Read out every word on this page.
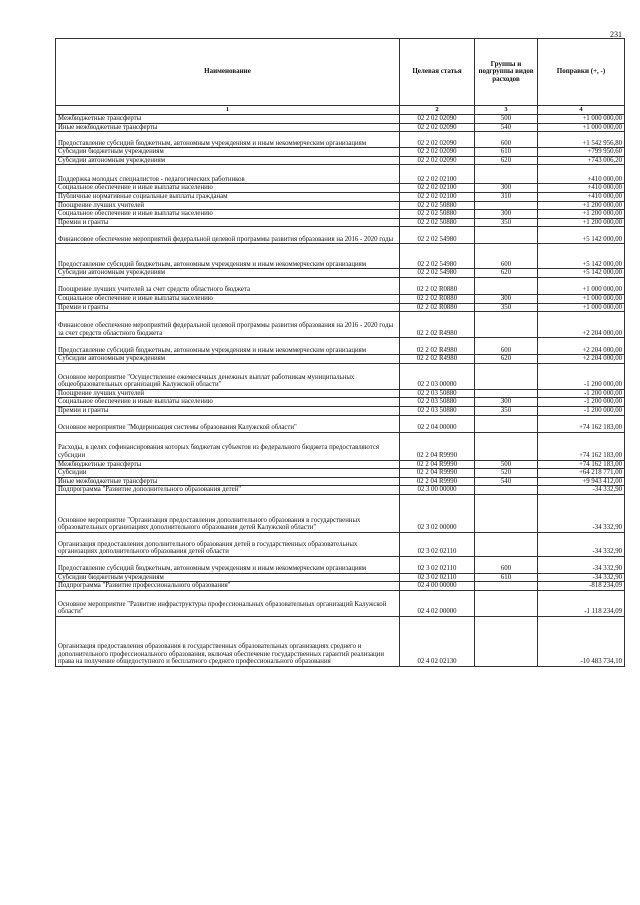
231
Наименование	Целевая статья	Группы и подгруппы видов расходов	Поправки (+, -)
1	2	3	4
Межбюджетные трансферты	02 2 02 02090	500	+1 000 000,00
Иные межбюджетные трансферты	02 2 02 02090	540	+1 000 000,00
Предоставление субсидий бюджетным, автономным учреждениям и иным некоммерческим организациям	02 2 02 02090	600	+1 542 956,80
Субсидии бюджетным учреждениям	02 2 02 02090	610	+799 950,60
Субсидии автономным учреждениям	02 2 02 02090	620	+743 006,20
Поддержка молодых специалистов - педагогических работников	02 2 02 02100		+410 000,00
Социальное обеспечение и иные выплаты населению	02 2 02 02100	300	+410 000,00
Публичные нормативные социальные выплаты гражданам	02 2 02 02100	310	+410 000,00
Поощрение лучших учителей	02 2 02 50880		+1 200 000,00
Социальное обеспечение и иные выплаты населению	02 2 02 50880	300	+1 200 000,00
Премии и гранты	02 2 02 50880	350	+1 200 000,00
Финансовое обеспечение мероприятий федеральной целевой программы развития образования на 2016 - 2020 годы	02 2 02 54980		+5 142 000,00
Предоставление субсидий бюджетным, автономным учреждениям и иным некоммерческим организациям	02 2 02 54980	600	+5 142 000,00
Субсидии автономным учреждениям	02 2 02 54980	620	+5 142 000,00
Поощрение лучших учителей за счет средств областного бюджета	02 2 02 R0880		+1 000 000,00
Социальное обеспечение и иные выплаты населению	02 2 02 R0880	300	+1 000 000,00
Премии и гранты	02 2 02 R0880	350	+1 000 000,00
Финансовое обеспечение мероприятий федеральной целевой программы развития образования на 2016 - 2020 годы за счет средств областного бюджета	02 2 02 R4980		+2 204 000,00
Предоставление субсидий бюджетным, автономным учреждениям и иным некоммерческим организациям	02 2 02 R4980	600	+2 204 000,00
Субсидии автономным учреждениям	02 2 02 R4980	620	+2 204 000,00
Основное мероприятие "Осуществление ежемесячных денежных выплат работникам муниципальных общеобразовательных организаций Калужской области"	02 2 03 00000		-1 200 000,00
Поощрение лучших учителей	02 2 03 50880		-1 200 000,00
Социальное обеспечение и иные выплаты населению	02 2 03 50880	300	-1 200 000,00
Премии и гранты	02 2 03 50880	350	-1 200 000,00
Основное мероприятие "Модернизация системы образования Калужской области"	02 2 04 00000		+74 162 183,00
Расходы, в целях софинансирования которых бюджетам субъектов из федерального бюджета предоставляются субсидии	02 2 04 R9990		+74 162 183,00
Межбюджетные трансферты	02 2 04 R9990	500	+74 162 183,00
Субсидии	02 2 04 R9990	520	+64 218 771,00
Иные межбюджетные трансферты	02 2 04 R9990	540	+9 943 412,00
Подпрограмма "Развитие дополнительного образования детей"	02 3 00 00000		-34 332,90
Основное мероприятие "Организация предоставления дополнительного образования в государственных образовательных организациях дополнительного образования детей Калужской области"	02 3 02 00000		-34 332,90
Организация предоставления дополнительного образования детей в государственных образовательных организациях дополнительного образования детей области	02 3 02 02110		-34 332,90
Предоставление субсидий бюджетным, автономным учреждениям и иным некоммерческим организациям	02 3 02 02110	600	-34 332,90
Субсидии бюджетным учреждениям	02 3 02 02110	610	-34 332,90
Подпрограмма "Развитие профессионального образования"	02 4 00 00000		-818 234,09
Основное мероприятие "Развитие инфраструктуры профессиональных образовательных организаций Калужской области"	02 4 02 00000		-1 118 234,09
Организация предоставления образования в государственных образовательных организациях среднего и дополнительного профессионального образования, включая обеспечение государственных гарантий реализации права на получение общедоступного и бесплатного среднего профессионального образования	02 4 02 02130		-10 483 734,10
